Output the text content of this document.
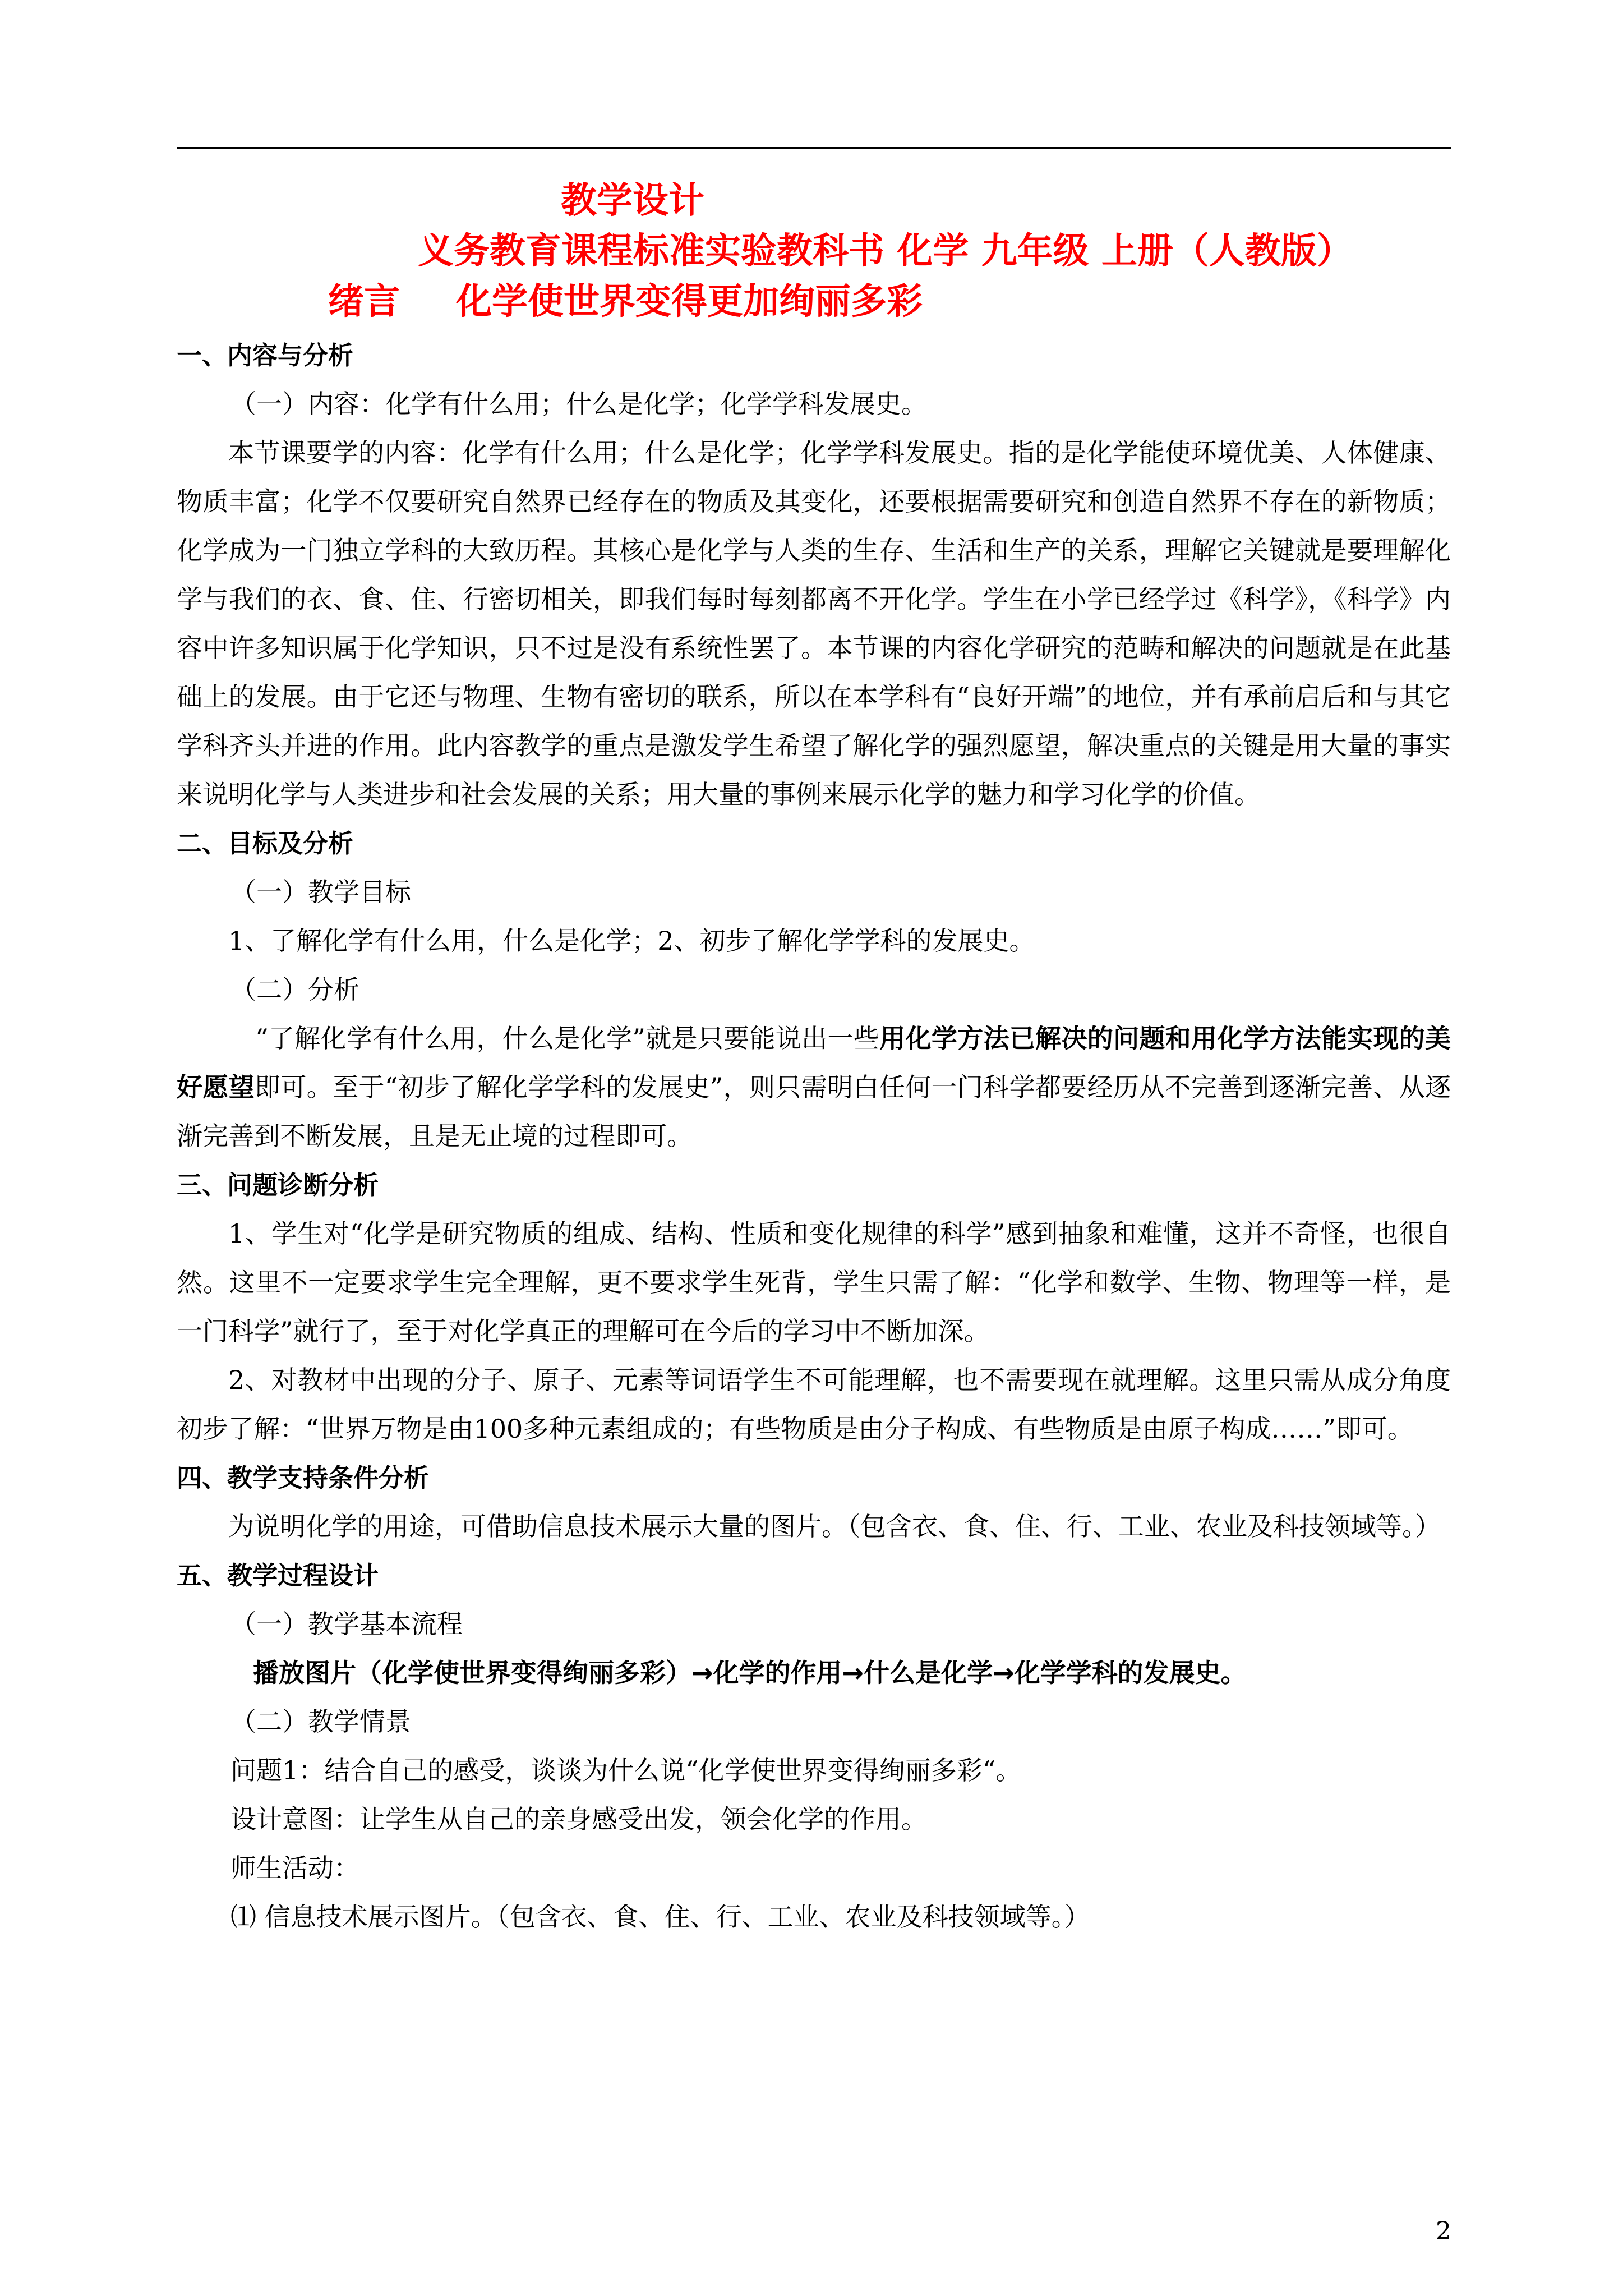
教学设计
义务教育课程标准实验教科书 化学 九年级 上册（人教版）
绪言 化学使世界变得更加绚丽多彩

一、内容与分析

（一）内容：化学有什么用；什么是化学；化学学科发展史。

本节课要学的内容：化学有什么用；什么是化学；化学学科发展史。指的是化学能使环境优美、人体健康、物质丰富；化学不仅要研究自然界已经存在的物质及其变化，还要根据需要研究和创造自然界不存在的新物质；化学成为一门独立学科的大致历程。其核心是化学与人类的生存、生活和生产的关系，理解它关键就是要理解化学与我们的衣、食、住、行密切相关，即我们每时每刻都离不开化学。学生在小学已经学过《科学》，《科学》内容中许多知识属于化学知识，只不过是没有系统性罢了。本节课的内容化学研究的范畴和解决的问题就是在此基础上的发展。由于它还与物理、生物有密切的联系，所以在本学科有“良好开端”的地位，并有承前启后和与其它学科齐头并进的作用。此内容教学的重点是激发学生希望了解化学的强烈愿望，解决重点的关键是用大量的事实来说明化学与人类进步和社会发展的关系；用大量的事例来展示化学的魅力和学习化学的价值。

二、目标及分析

（一）教学目标

1、了解化学有什么用，什么是化学；2、初步了解化学学科的发展史。

（二）分析

“了解化学有什么用，什么是化学”就是只要能说出一些用化学方法已解决的问题和用化学方法能实现的美好愿望即可。至于“初步了解化学学科的发展史”，则只需明白任何一门科学都要经历从不完善到逐渐完善、从逐渐完善到不断发展，且是无止境的过程即可。

三、问题诊断分析

1、学生对“化学是研究物质的组成、结构、性质和变化规律的科学”感到抽象和难懂，这并不奇怪，也很自然。这里不一定要求学生完全理解，更不要求学生死背，学生只需了解：“化学和数学、生物、物理等一样，是一门科学”就行了，至于对化学真正的理解可在今后的学习中不断加深。

2、对教材中出现的分子、原子、元素等词语学生不可能理解，也不需要现在就理解。这里只需从成分角度初步了解：“世界万物是由100多种元素组成的；有些物质是由分子构成、有些物质是由原子构成……”即可。

四、教学支持条件分析

为说明化学的用途，可借助信息技术展示大量的图片。（包含衣、食、住、行、工业、农业及科技领域等。）

五、教学过程设计

（一）教学基本流程

播放图片（化学使世界变得绚丽多彩）→化学的作用→什么是化学→化学学科的发展史。

（二）教学情景

问题1：结合自己的感受，谈谈为什么说“化学使世界变得绚丽多彩“。

设计意图：让学生从自己的亲身感受出发，领会化学的作用。

师生活动：

⑴ 信息技术展示图片。（包含衣、食、住、行、工业、农业及科技领域等。）

2
